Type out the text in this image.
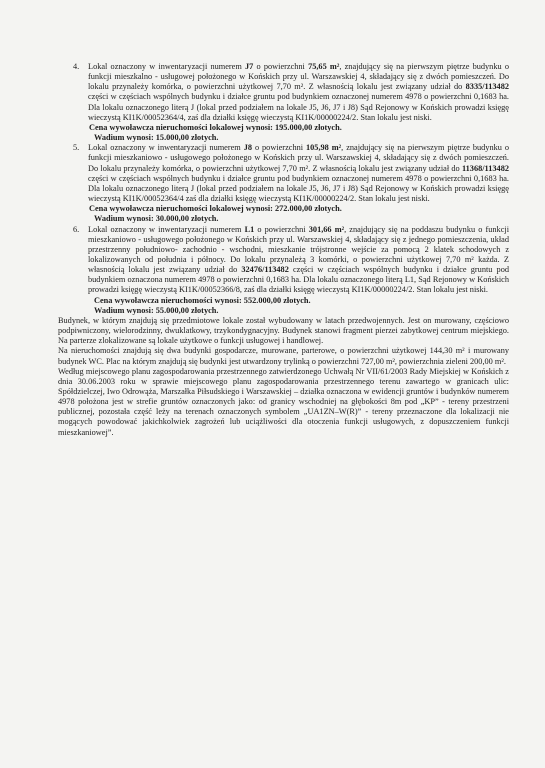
4. Lokal oznaczony w inwentaryzacji numerem J7 o powierzchni 75,65 m², znajdujący się na pierwszym piętrze budynku o funkcji mieszkalno - usługowej położonego w Końskich przy ul. Warszawskiej 4, składający się z dwóch pomieszczeń. Do lokalu przynależy komórka, o powierzchni użytkowej 7,70 m². Z własnością lokalu jest związany udział do 8335/113482 części w częściach wspólnych budynku i działce gruntu pod budynkiem oznaczonej numerem 4978 o powierzchni 0,1683 ha. Dla lokalu oznaczonego literą J (lokal przed podziałem na lokale J5, J6, J7 i J8) Sąd Rejonowy w Końskich prowadzi księgę wieczystą KI1K/00052364/4, zaś dla działki księgę wieczystą KI1K/00000224/2. Stan lokalu jest niski.

Cena wywoławcza nieruchomości lokalowej wynosi: 195.000,00 złotych.

Wadium wynosi: 15.000,00 złotych.

5. Lokal oznaczony w inwentaryzacji numerem J8 o powierzchni 105,98 m², znajdujący się na pierwszym piętrze budynku o funkcji mieszkaniowo - usługowego położonego w Końskich przy ul. Warszawskiej 4, składający się z dwóch pomieszczeń. Do lokalu przynależy komórka, o powierzchni użytkowej 7,70 m². Z własnością lokalu jest związany udział do 11368/113482 części w częściach wspólnych budynku i działce gruntu pod budynkiem oznaczonej numerem 4978 o powierzchni 0,1683 ha. Dla lokalu oznaczonego literą J (lokal przed podziałem na lokale J5, J6, J7 i J8) Sąd Rejonowy w Końskich prowadzi księgę wieczystą KI1K/00052364/4 zaś dla działki księgę wieczystą KI1K/00000224/2. Stan lokalu jest niski.

Cena wywoławcza nieruchomości lokalowej wynosi: 272.000,00 złotych.

Wadium wynosi: 30.000,00 złotych.

6. Lokal oznaczony w inwentaryzacji numerem L1 o powierzchni 301,66 m², znajdujący się na poddaszu budynku o funkcji mieszkaniowo - usługowego położonego w Końskich przy ul. Warszawskiej 4, składający się z jednego pomieszczenia, układ przestrzenny południowo- zachodnio - wschodni, mieszkanie trójstronne wejście za pomocą 2 klatek schodowych z lokalizowanych od południa i północy. Do lokalu przynależą 3 komórki, o powierzchni użytkowej 7,70 m² każda. Z własnością lokalu jest związany udział do 32476/113482 części w częściach wspólnych budynku i działce gruntu pod budynkiem oznaczona numerem 4978 o powierzchni 0,1683 ha. Dla lokalu oznaczonego literą L1, Sąd Rejonowy w Końskich prowadzi księgę wieczystą KI1K/00052366/8, zaś dla działki księgę wieczystą KI1K/00000224/2. Stan lokalu jest niski.

Cena wywoławcza nieruchomości wynosi: 552.000,00 złotych.

Wadium wynosi: 55.000,00 złotych.

Budynek, w którym znajdują się przedmiotowe lokale został wybudowany w latach przedwojennych. Jest on murowany, częściowo podpiwniczony, wielorodzinny, dwuklatkowy, trzykondygnacyjny. Budynek stanowi fragment pierzei zabytkowej centrum miejskiego. Na parterze zlokalizowane są lokale użytkowe o funkcji usługowej i handlowej.

Na nieruchomości znajdują się dwa budynki gospodarcze, murowane, parterowe, o powierzchni użytkowej 144,30 m² i murowany budynek WC. Plac na którym znajdują się budynki jest utwardzony trylinką o powierzchni 727,00 m², powierzchnia zieleni 200,00 m².

Według miejscowego planu zagospodarowania przestrzennego zatwierdzonego Uchwałą Nr VII/61/2003 Rady Miejskiej w Końskich z dnia 30.06.2003 roku w sprawie miejscowego planu zagospodarowania przestrzennego terenu zawartego w granicach ulic: Spółdzielczej, Iwo Odrowąża, Marszałka Piłsudskiego i Warszawskiej – działka oznaczona w ewidencji gruntów i budynków numerem 4978 położona jest w strefie gruntów oznaczonych jako: od granicy wschodniej na głębokości 8m pod „KP” - tereny przestrzeni publicznej, pozostała część leży na terenach oznaczonych symbolem „UA1ZN–W(R)” - tereny przeznaczone dla lokalizacji nie mogących powodować jakichkolwiek zagrożeń lub uciążliwości dla otoczenia funkcji usługowych, z dopuszczeniem funkcji mieszkaniowej”.
